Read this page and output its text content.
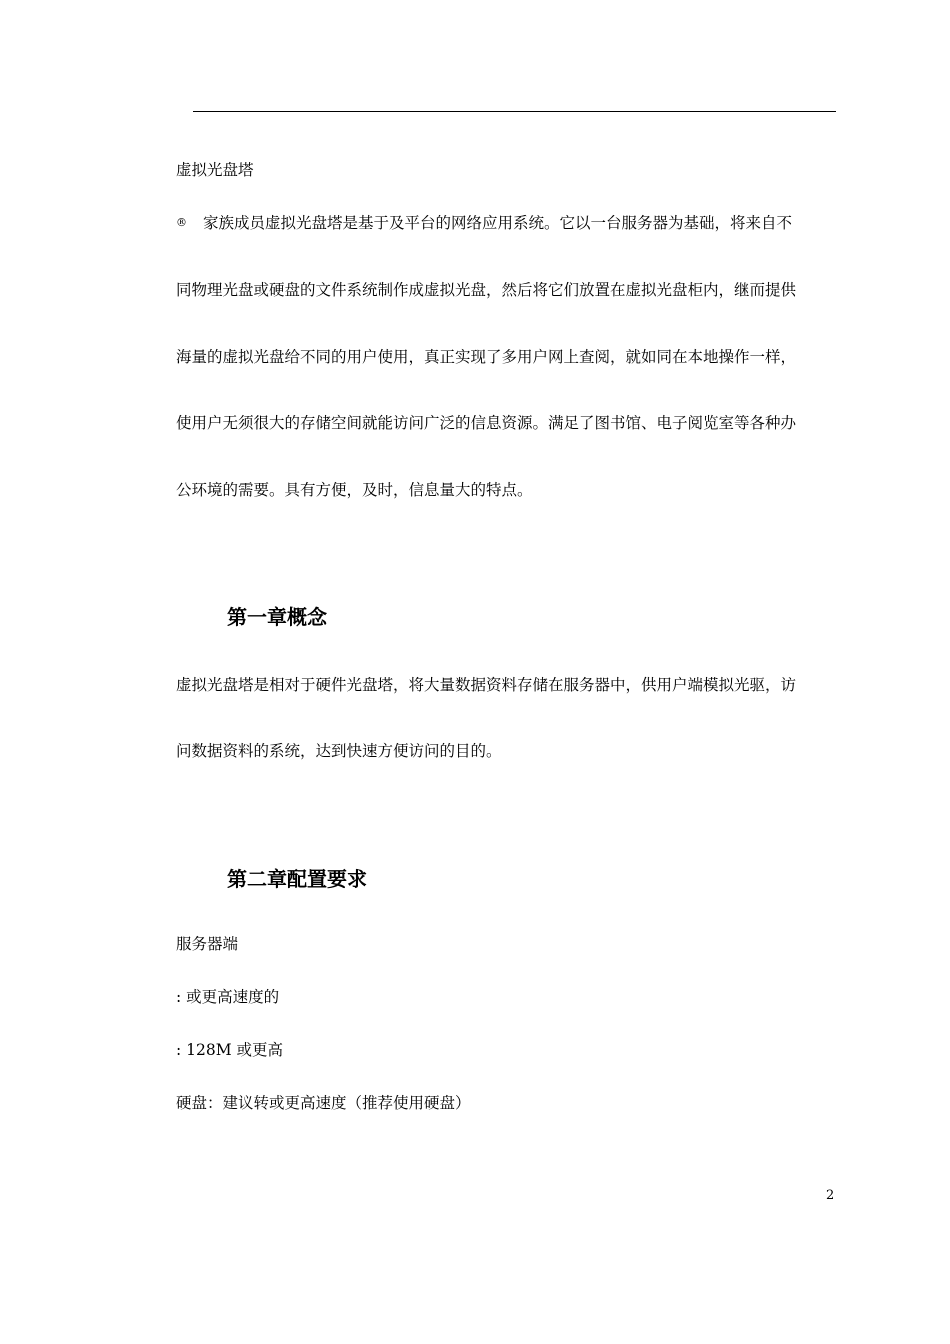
虚拟光盘塔
® 家族成员虚拟光盘塔是基于及平台的网络应用系统。它以一台服务器为基础，将来自不
同物理光盘或硬盘的文件系统制作成虚拟光盘，然后将它们放置在虚拟光盘柜内，继而提供
海量的虚拟光盘给不同的用户使用，真正实现了多用户网上查阅，就如同在本地操作一样，
使用户无须很大的存储空间就能访问广泛的信息资源。满足了图书馆、电子阅览室等各种办
公环境的需要。具有方便，及时，信息量大的特点。
第一章概念
虚拟光盘塔是相对于硬件光盘塔，将大量数据资料存储在服务器中，供用户端模拟光驱，访
问数据资料的系统，达到快速方便访问的目的。
第二章配置要求
服务器端
: 或更高速度的
: 128M 或更高
硬盘：建议转或更高速度（推荐使用硬盘）
2
